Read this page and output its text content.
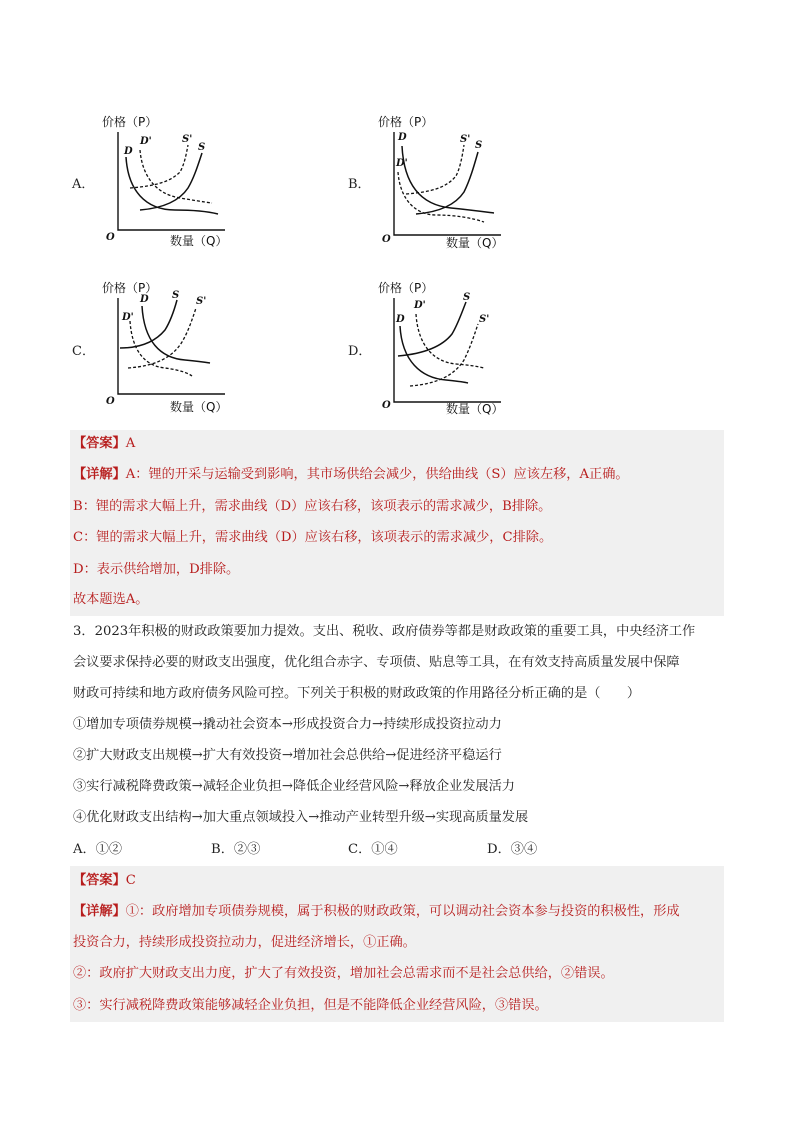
A．
价格（P）
O	数量（Q）
D
D'	S'
S
B．
价格（P）
O	数量（Q）
D
D'
S'
S
C．
价格（P）
O	数量（Q）
D
D'
S
S'
D．
价格（P）
O	数量（Q）
D
D'
S
S'
【答案】A
【详解】A：锂的开采与运输受到影响，其市场供给会减少，供给曲线（S）应该左移，A正确。
B：锂的需求大幅上升，需求曲线（D）应该右移，该项表示的需求减少，B排除。
C：锂的需求大幅上升，需求曲线（D）应该右移，该项表示的需求减少，C排除。
D：表示供给增加，D排除。
故本题选A。
3．2023年积极的财政政策要加力提效。支出、税收、政府债券等都是财政政策的重要工具，中央经济工作
会议要求保持必要的财政支出强度，优化组合赤字、专项债、贴息等工具，在有效支持高质量发展中保障
财政可持续和地方政府债务风险可控。下列关于积极的财政政策的作用路径分析正确的是（　　）
①增加专项债券规模→撬动社会资本→形成投资合力→持续形成投资拉动力
②扩大财政支出规模→扩大有效投资→增加社会总供给→促进经济平稳运行
③实行减税降费政策→减轻企业负担→降低企业经营风险→释放企业发展活力
④优化财政支出结构→加大重点领域投入→推动产业转型升级→实现高质量发展
A．①②	B．②③	C．①④	D．③④
【答案】C
【详解】①：政府增加专项债券规模，属于积极的财政政策，可以调动社会资本参与投资的积极性，形成
投资合力，持续形成投资拉动力，促进经济增长，①正确。
②：政府扩大财政支出力度，扩大了有效投资，增加社会总需求而不是社会总供给，②错误。
③：实行减税降费政策能够减轻企业负担，但是不能降低企业经营风险，③错误。
